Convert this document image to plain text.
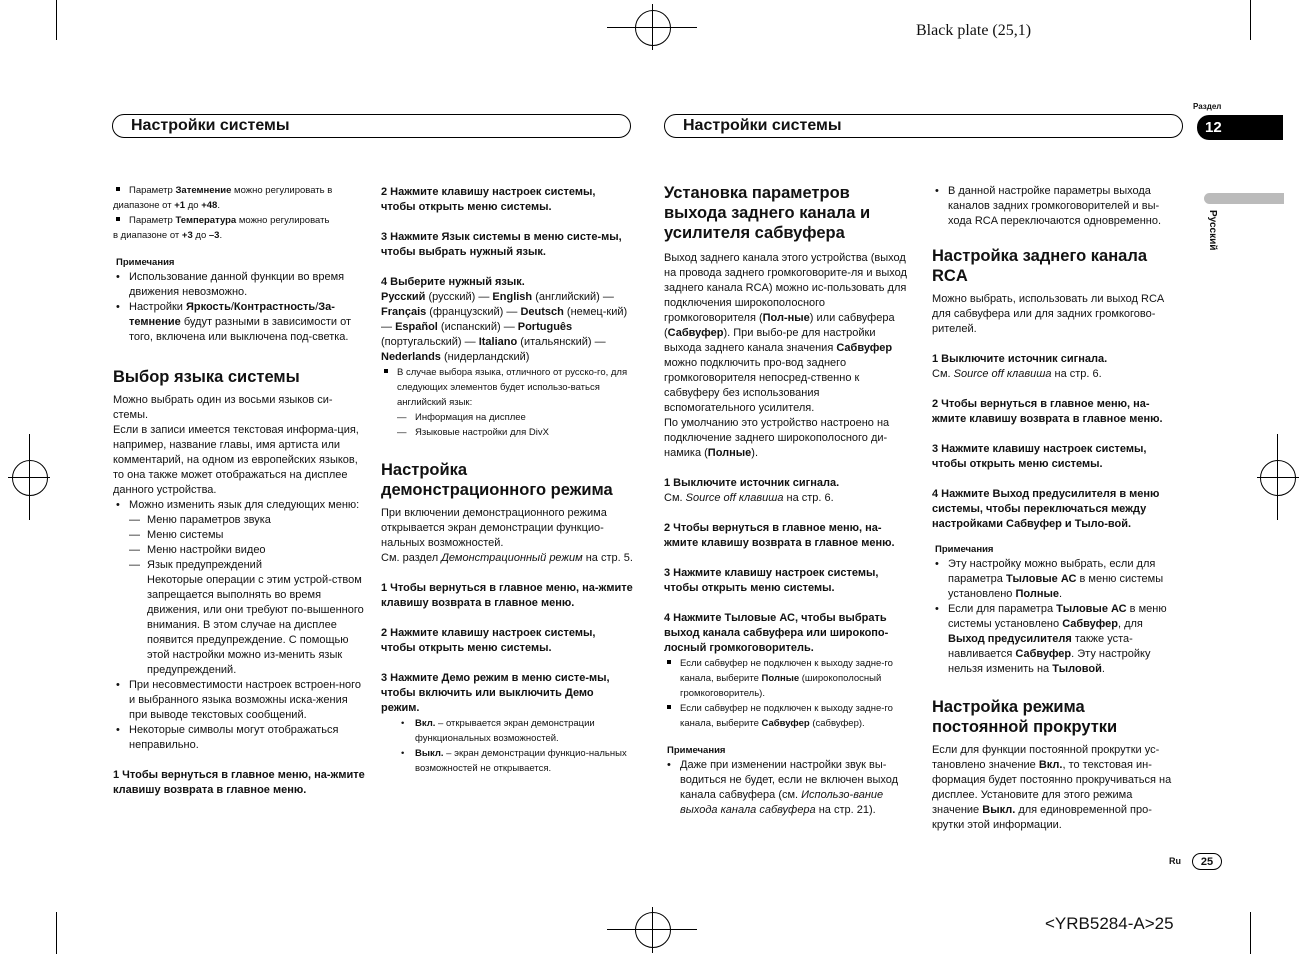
Black plate (25,1)
<YRB5284-A>25
Настройки системы	Настройки системы
Раздел
12
Русский

Параметр Затемнение можно регулировать в

диапазоне от +1 до +48.

Параметр Температура можно регулировать

в диапазоне от +3 до –3.

Примечания

• Использование данной функции во время движения невозможно.

• Настройки Яркость/Контрастность/За-темнение будут разными в зависимости от того, включена или выключена под-светка.

Выбор языка системы

Можно выбрать один из восьми языков си-стемы.

Если в записи имеется текстовая информа-ция, например, название главы, имя артиста или комментарий, на одном из европейских языков, то она также может отображаться на дисплее данного устройства.

• Можно изменить язык для следующих меню:

— Меню параметров звука

— Меню системы

— Меню настройки видео

— Язык предупреждений

Некоторые операции с этим устрой-ством запрещается выполнять во время движения, или они требуют по-вышенного внимания. В этом случае на дисплее появится предупреждение. С помощью этой настройки можно из-менить язык предупреждений.

• При несовместимости настроек встроен-ного и выбранного языка возможны иска-жения при выводе текстовых сообщений.

• Некоторые символы могут отображаться неправильно.

1 Чтобы вернуться в главное меню, на-жмите клавишу возврата в главное меню.

2 Нажмите клавишу настроек системы, чтобы открыть меню системы.

3 Нажмите Язык системы в меню систе-мы, чтобы выбрать нужный язык.

4 Выберите нужный язык.

Русский (русский) — English (английский) — Français (французский) — Deutsch (немец-кий) — Español (испанский) — Português (португальский) — Italiano (итальянский) — Nederlands (нидерландский)

В случае выбора языка, отличного от русско-го, для следующих элементов будет использо-ваться английский язык:

— Информация на дисплее

— Языковые настройки для DivX

Настройка демонстрационного режима

При включении демонстрационного режима открывается экран демонстрации функцио-нальных возможностей.

См. раздел Демонстрационный режим на стр. 5.

1 Чтобы вернуться в главное меню, на-жмите клавишу возврата в главное меню.

2 Нажмите клавишу настроек системы, чтобы открыть меню системы.

3 Нажмите Демо режим в меню систе-мы, чтобы включить или выключить Демо режим.

• Вкл. – открывается экран демонстрации функциональных возможностей.

• Выкл. – экран демонстрации функцио-нальных возможностей не открывается.

Установка параметров выхода заднего канала и усилителя сабвуфера

Выход заднего канала этого устройства (выход на провода заднего громкоговорите-ля и выход заднего канала RCA) можно ис-пользовать для подключения широкополосного громкоговорителя (Пол-ные) или сабвуфера (Сабвуфер). При выбо-ре для настройки выхода заднего канала значения Сабвуфер можно подключить про-вод заднего громкоговорителя непосред-ственно к сабвуферу без использования вспомогательного усилителя.

По умолчанию это устройство настроено на подключение заднего широкополосного ди-намика (Полные).

1 Выключите источник сигнала.

См. Source off клавиша на стр. 6.

2 Чтобы вернуться в главное меню, на-жмите клавишу возврата в главное меню.

3 Нажмите клавишу настроек системы, чтобы открыть меню системы.

4 Нажмите Тыловые АС, чтобы выбрать выход канала сабвуфера или широкопо-лосный громкоговоритель.

Если сабвуфер не подключен к выходу задне-го канала, выберите Полные (широкополосный громкоговоритель).

Если сабвуфер не подключен к выходу задне-го канала, выберите Сабвуфер (сабвуфер).

Примечания

• Даже при изменении настройки звук вы-водиться не будет, если не включен выход канала сабвуфера (см. Использо-вание выхода канала сабвуфера на стр. 21).

• В данной настройке параметры выхода каналов задних громкоговорителей и вы-хода RCA переключаются одновременно.

Настройка заднего канала RCA

Можно выбрать, использовать ли выход RCA для сабвуфера или для задних громкогово-рителей.

1 Выключите источник сигнала.

См. Source off клавиша на стр. 6.

2 Чтобы вернуться в главное меню, на-жмите клавишу возврата в главное меню.

3 Нажмите клавишу настроек системы, чтобы открыть меню системы.

4 Нажмите Выход предусилителя в меню системы, чтобы переключаться между настройками Сабвуфер и Тыло-вой.

Примечания

• Эту настройку можно выбрать, если для параметра Тыловые АС в меню системы установлено Полные.

• Если для параметра Тыловые АС в меню системы установлено Сабвуфер, для Выход предусилителя также уста-навливается Сабвуфер. Эту настройку нельзя изменить на Тыловой.

Настройка режима постоянной прокрутки

Если для функции постоянной прокрутки ус-тановлено значение Вкл., то текстовая ин-формация будет постоянно прокручиваться на дисплее. Установите для этого режима значение Выкл. для единовременной про-крутки этой информации.

Ru	25
